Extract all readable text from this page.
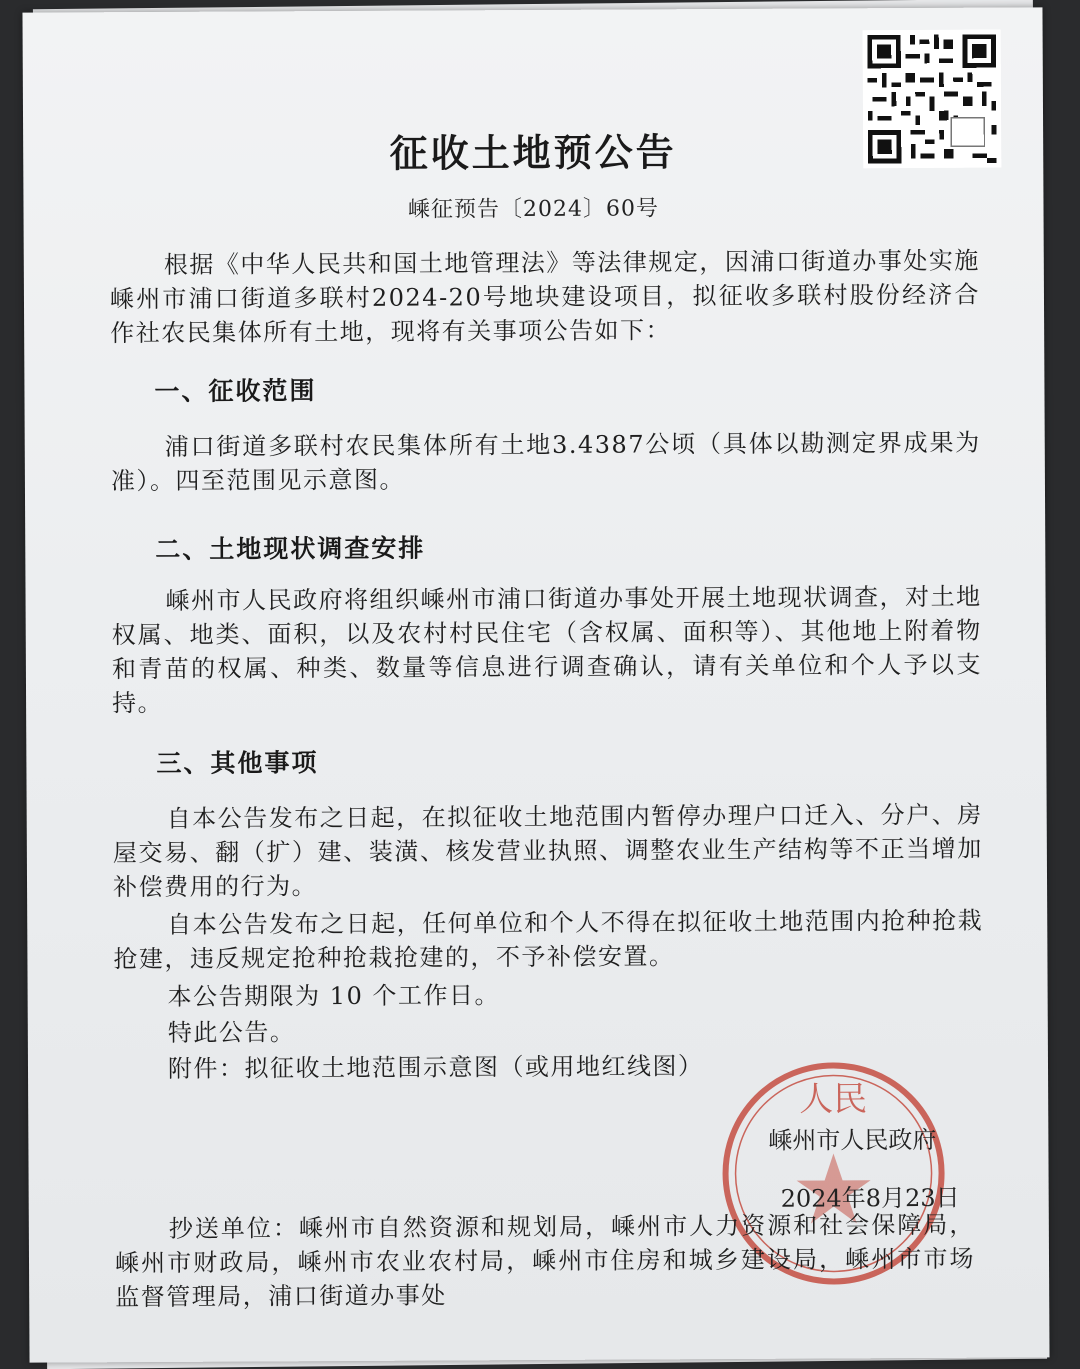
征收土地预公告
嵊征预告〔2024〕60号

根据《中华人民共和国土地管理法》等法律规定，因浦口街道办事处实施嵊州市浦口街道多联村2024-20号地块建设项目，拟征收多联村股份经济合作社农民集体所有土地，现将有关事项公告如下：

一、征收范围

浦口街道多联村农民集体所有土地3.4387公顷（具体以勘测定界成果为准）。四至范围见示意图。

二、土地现状调查安排

嵊州市人民政府将组织嵊州市浦口街道办事处开展土地现状调查，对土地权属、地类、面积，以及农村村民住宅（含权属、面积等）、其他地上附着物和青苗的权属、种类、数量等信息进行调查确认，请有关单位和个人予以支持。

三、其他事项

自本公告发布之日起，在拟征收土地范围内暂停办理户口迁入、分户、房屋交易、翻（扩）建、装潢、核发营业执照、调整农业生产结构等不正当增加补偿费用的行为。

自本公告发布之日起，任何单位和个人不得在拟征收土地范围内抢种抢栽抢建，违反规定抢种抢栽抢建的，不予补偿安置。

本公告期限为 10 个工作日。

特此公告。

附件：拟征收土地范围示意图（或用地红线图）

人民
嵊州市人民政府
2024年8月23日

抄送单位：嵊州市自然资源和规划局，嵊州市人力资源和社会保障局，嵊州市财政局，嵊州市农业农村局，嵊州市住房和城乡建设局，嵊州市市场监督管理局，浦口街道办事处
